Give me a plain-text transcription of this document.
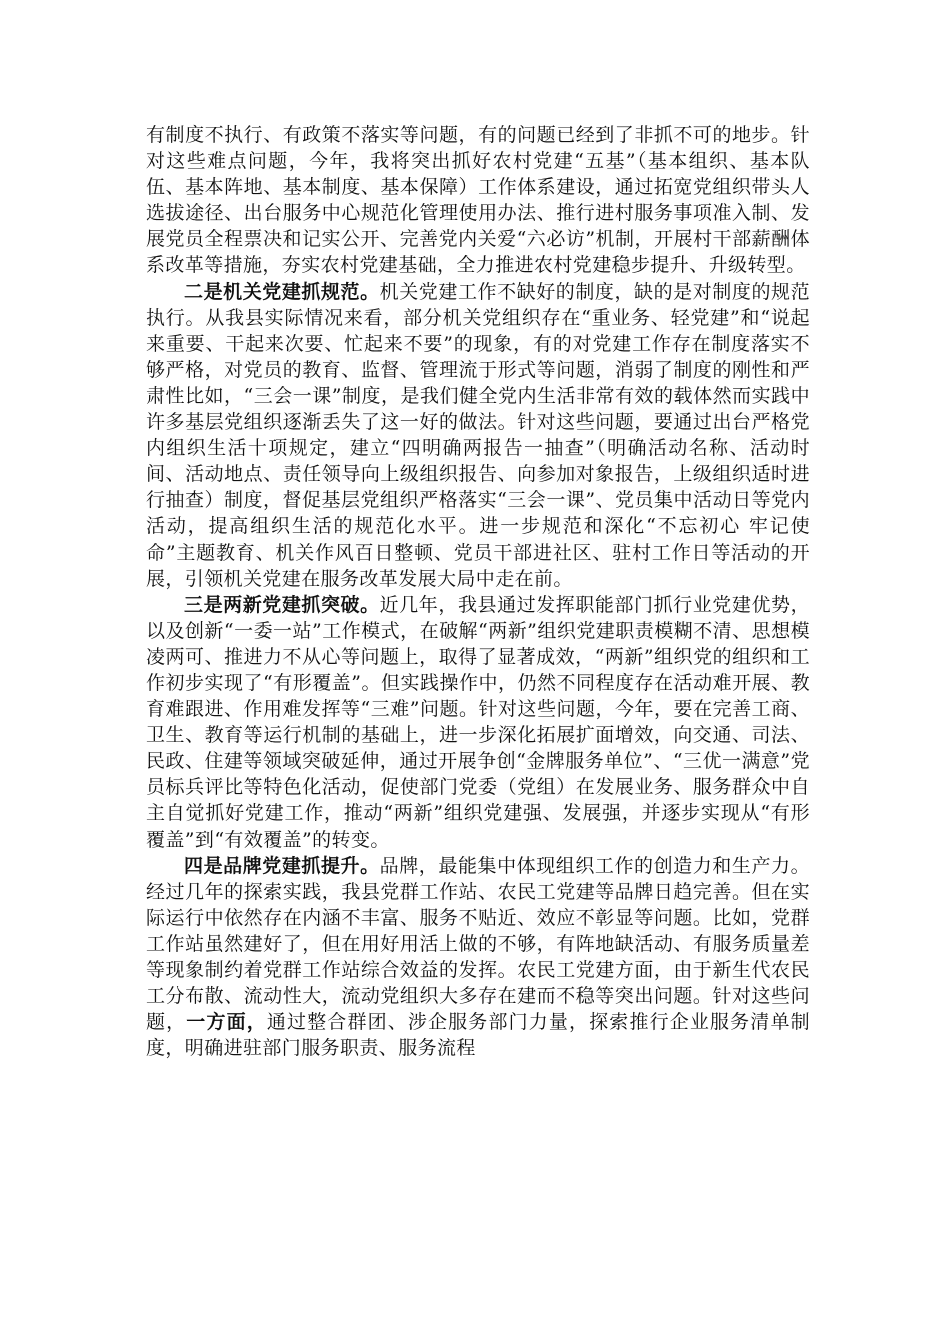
有制度不执行、有政策不落实等问题，有的问题已经到了非抓不可的地步。针对这些难点问题，今年，我将突出抓好农村党建“五基”（基本组织、基本队伍、基本阵地、基本制度、基本保障）工作体系建设，通过拓宽党组织带头人选拔途径、出台服务中心规范化管理使用办法、推行进村服务事项准入制、发展党员全程票决和记实公开、完善党内关爱“六必访”机制，开展村干部薪酬体系改革等措施，夯实农村党建基础，全力推进农村党建稳步提升、升级转型。

二是机关党建抓规范。机关党建工作不缺好的制度，缺的是对制度的规范执行。从我县实际情况来看，部分机关党组织存在“重业务、轻党建”和“说起来重要、干起来次要、忙起来不要”的现象，有的对党建工作存在制度落实不够严格，对党员的教育、监督、管理流于形式等问题，消弱了制度的刚性和严肃性比如，“三会一课”制度，是我们健全党内生活非常有效的载体然而实践中许多基层党组织逐渐丢失了这一好的做法。针对这些问题，要通过出台严格党内组织生活十项规定，建立“四明确两报告一抽查”（明确活动名称、活动时间、活动地点、责任领导向上级组织报告、向参加对象报告，上级组织适时进行抽查）制度，督促基层党组织严格落实“三会一课”、党员集中活动日等党内活动，提高组织生活的规范化水平。进一步规范和深化“不忘初心 牢记使命”主题教育、机关作风百日整顿、党员干部进社区、驻村工作日等活动的开展，引领机关党建在服务改革发展大局中走在前。

三是两新党建抓突破。近几年，我县通过发挥职能部门抓行业党建优势，以及创新“一委一站”工作模式，在破解“两新”组织党建职责模糊不清、思想模凌两可、推进力不从心等问题上，取得了显著成效，“两新”组织党的组织和工作初步实现了“有形覆盖”。但实践操作中，仍然不同程度存在活动难开展、教育难跟进、作用难发挥等“三难”问题。针对这些问题，今年，要在完善工商、卫生、教育等运行机制的基础上，进一步深化拓展扩面增效，向交通、司法、民政、住建等领域突破延伸，通过开展争创“金牌服务单位”、“三优一满意”党员标兵评比等特色化活动，促使部门党委（党组）在发展业务、服务群众中自主自觉抓好党建工作，推动“两新”组织党建强、发展强，并逐步实现从“有形覆盖”到“有效覆盖”的转变。

四是品牌党建抓提升。品牌，最能集中体现组织工作的创造力和生产力。经过几年的探索实践，我县党群工作站、农民工党建等品牌日趋完善。但在实际运行中依然存在内涵不丰富、服务不贴近、效应不彰显等问题。比如，党群工作站虽然建好了，但在用好用活上做的不够，有阵地缺活动、有服务质量差等现象制约着党群工作站综合效益的发挥。农民工党建方面，由于新生代农民工分布散、流动性大，流动党组织大多存在建而不稳等突出问题。针对这些问题，一方面，通过整合群团、涉企服务部门力量，探索推行企业服务清单制度，明确进驻部门服务职责、服务流程
